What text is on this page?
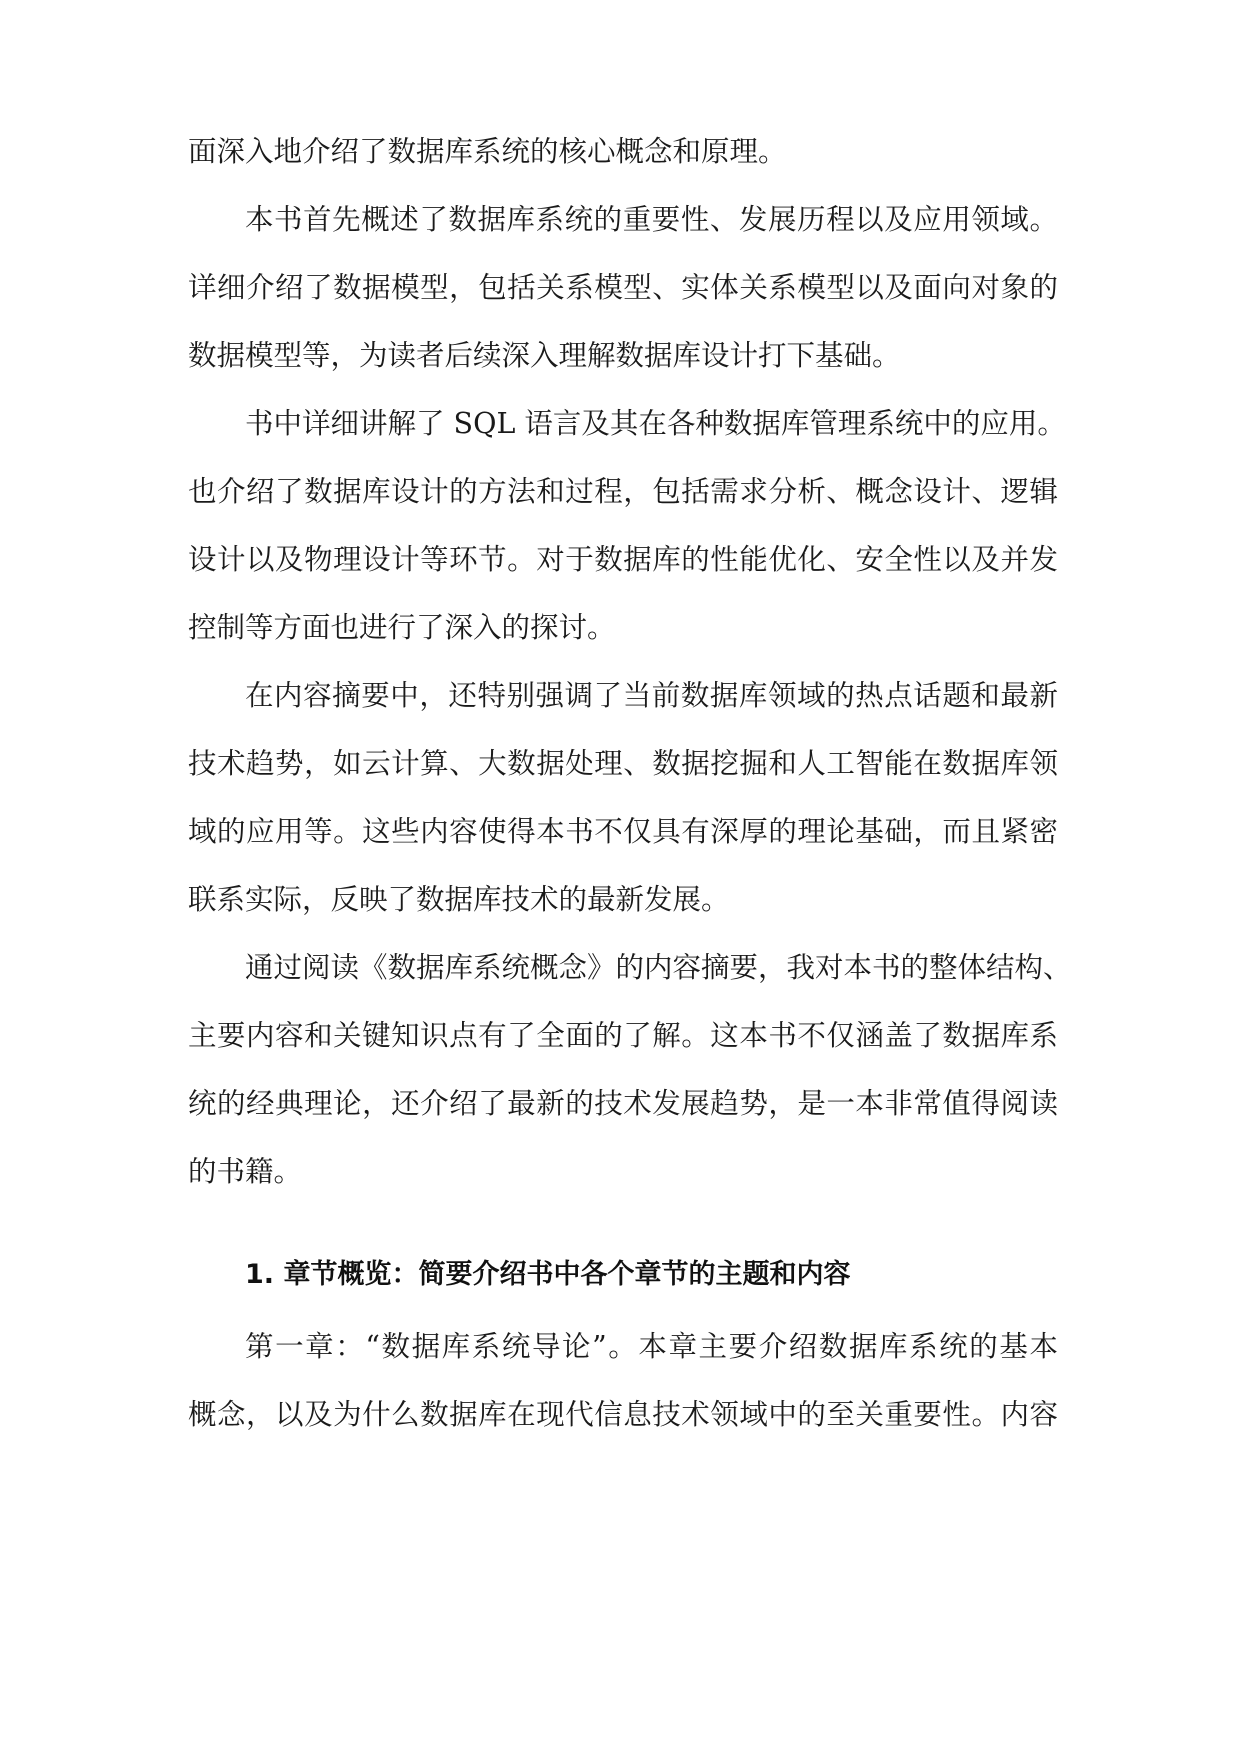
面深入地介绍了数据库系统的核心概念和原理。
本书首先概述了数据库系统的重要性、发展历程以及应用领域。
详细介绍了数据模型，包括关系模型、实体关系模型以及面向对象的
数据模型等，为读者后续深入理解数据库设计打下基础。
书中详细讲解了 SQL 语言及其在各种数据库管理系统中的应用。
也介绍了数据库设计的方法和过程，包括需求分析、概念设计、逻辑
设计以及物理设计等环节。对于数据库的性能优化、安全性以及并发
控制等方面也进行了深入的探讨。
在内容摘要中，还特别强调了当前数据库领域的热点话题和最新
技术趋势，如云计算、大数据处理、数据挖掘和人工智能在数据库领
域的应用等。这些内容使得本书不仅具有深厚的理论基础，而且紧密
联系实际，反映了数据库技术的最新发展。
通过阅读《数据库系统概念》的内容摘要，我对本书的整体结构、
主要内容和关键知识点有了全面的了解。这本书不仅涵盖了数据库系
统的经典理论，还介绍了最新的技术发展趋势，是一本非常值得阅读
的书籍。
1. 章节概览：简要介绍书中各个章节的主题和内容
第一章：“数据库系统导论”。本章主要介绍数据库系统的基本
概念，以及为什么数据库在现代信息技术领域中的至关重要性。内容
